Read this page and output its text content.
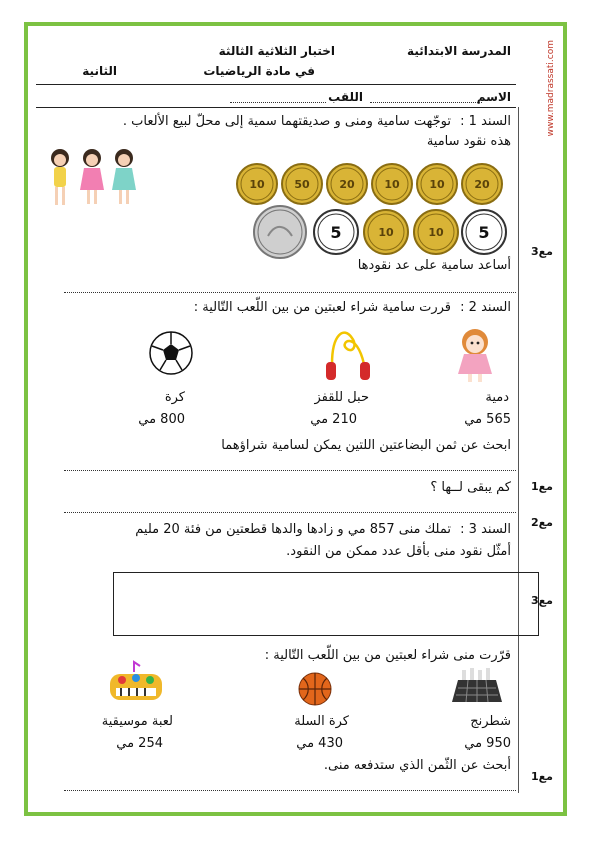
www.madrassati.com
المدرسة الابتدائية
اختبار الثلاثية الثالثة
في مادة الرياضيات
الثانية
الاسم
اللقب
السند 1 :
توجّهت سامية ومنى و صديقتهما سمية إلى محلّ لبيع الألعاب .
هذه نقود سامية
20
10
10
20
50
10
5
10
10
5
أساعد سامية على عد نقودها
مع3
السند 2 :
قررت سامية شراء لعبتين من بين اللّعب التّالية :
دمية
حبل للقفز
كرة
565 مي
210 مي
800 مي
ابحث عن ثمن البضاعتين اللتين يمكن لسامية شراؤهما
مع1
كم يبقى لــها ؟
مع2
السند 3 :
تملك منى 857 مي و زادها والدها قطعتين من فئة 20 مليم
أمثّل نقود منى بأقل عدد ممكن من النقود.
مع3
قرّرت منى شراء لعبتين من بين اللّعب التّالية :
شطرنج
كرة السلة
لعبة موسيقية
950 مي
430 مي
254 مي
أبحث عن الثّمن الذي ستدفعه منى.
مع1
